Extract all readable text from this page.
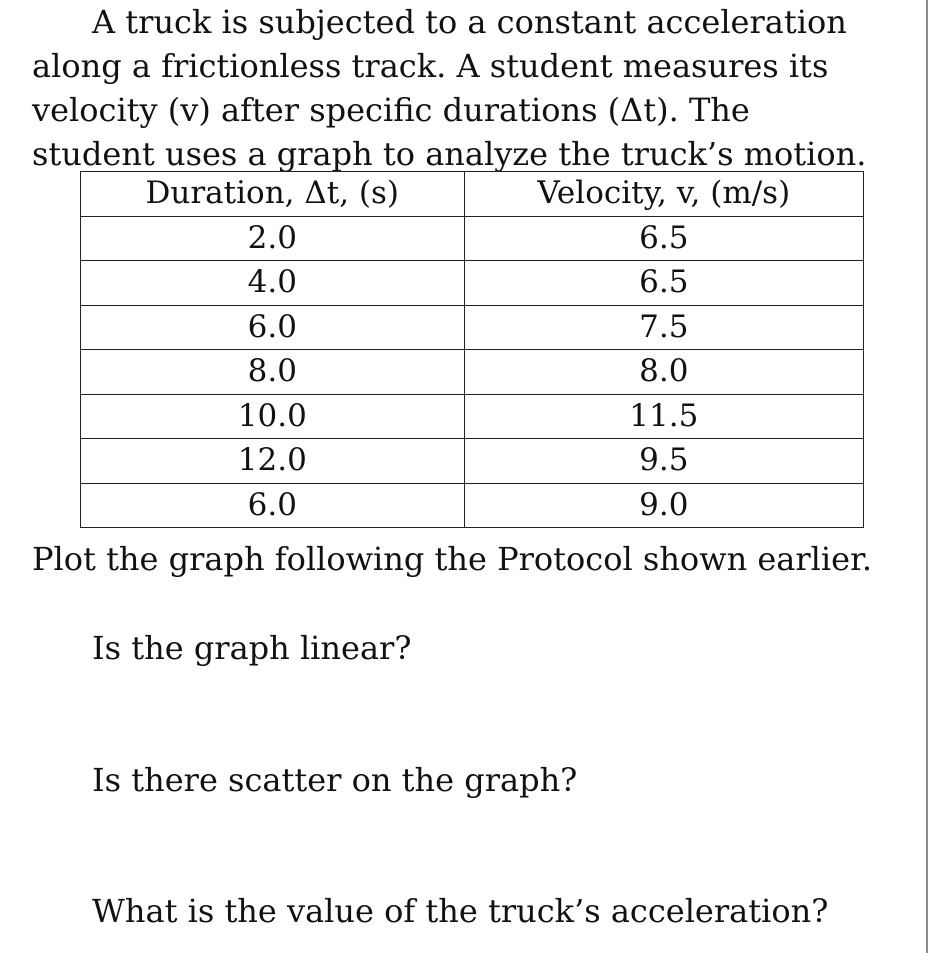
A truck is subjected to a constant acceleration
along a frictionless track. A student measures its
velocity (v) after specific durations (Δt). The
student uses a graph to analyze the truck’s motion.

Duration, Δt, (s)	Velocity, v, (m/s)
2.0	6.5
4.0	6.5
6.0	7.5
8.0	8.0
10.0	11.5
12.0	9.5
6.0	9.0

Plot the graph following the Protocol shown earlier.

Is the graph linear?

Is there scatter on the graph?

What is the value of the truck’s acceleration?
